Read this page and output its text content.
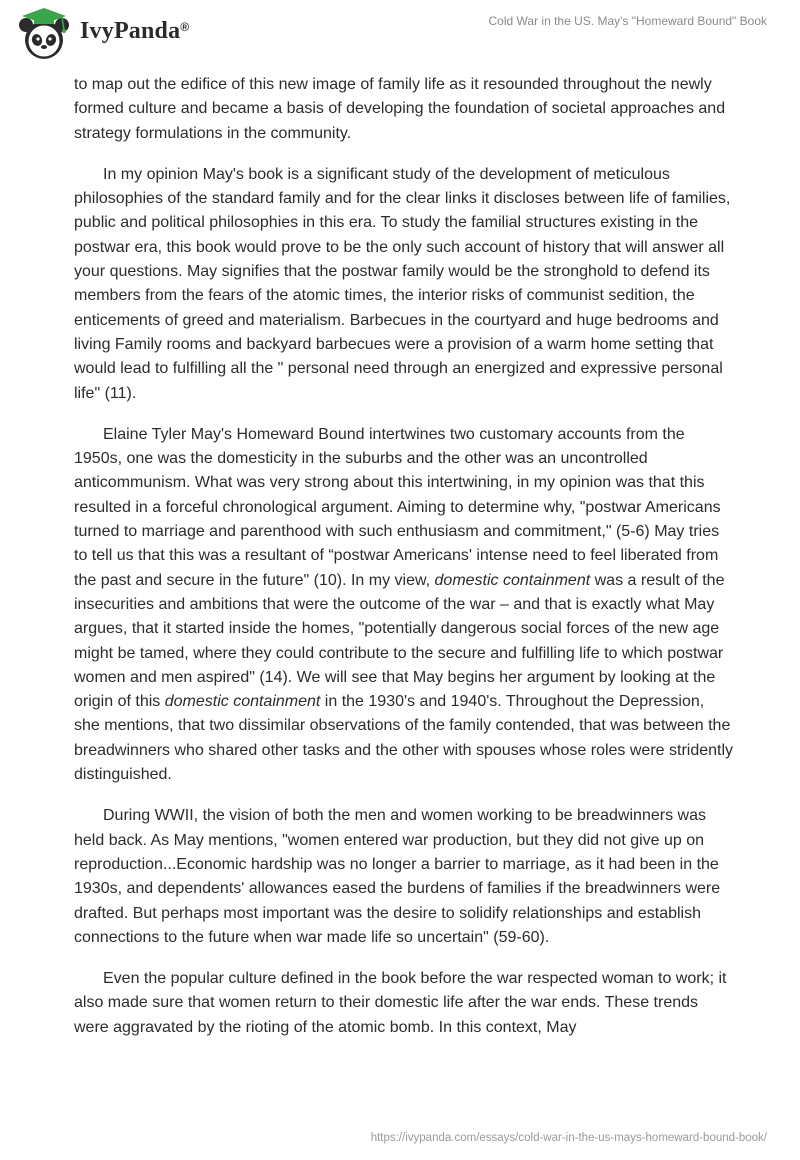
IvyPanda®	Cold War in the US. May's "Homeward Bound" Book

to map out the edifice of this new image of family life as it resounded throughout the newly formed culture and became a basis of developing the foundation of societal approaches and strategy formulations in the community.

In my opinion May's book is a significant study of the development of meticulous philosophies of the standard family and for the clear links it discloses between life of families, public and political philosophies in this era. To study the familial structures existing in the postwar era, this book would prove to be the only such account of history that will answer all your questions. May signifies that the postwar family would be the stronghold to defend its members from the fears of the atomic times, the interior risks of communist sedition, the enticements of greed and materialism. Barbecues in the courtyard and huge bedrooms and living Family rooms and backyard barbecues were a provision of a warm home setting that would lead to fulfilling all the " personal need through an energized and expressive personal life" (11).

Elaine Tyler May's Homeward Bound intertwines two customary accounts from the 1950s, one was the domesticity in the suburbs and the other was an uncontrolled anticommunism. What was very strong about this intertwining, in my opinion was that this resulted in a forceful chronological argument. Aiming to determine why, "postwar Americans turned to marriage and parenthood with such enthusiasm and commitment," (5-6) May tries to tell us that this was a resultant of “postwar Americans' intense need to feel liberated from the past and secure in the future" (10). In my view, domestic containment was a result of the insecurities and ambitions that were the outcome of the war – and that is exactly what May argues, that it started inside the homes, "potentially dangerous social forces of the new age might be tamed, where they could contribute to the secure and fulfilling life to which postwar women and men aspired" (14). We will see that May begins her argument by looking at the origin of this domestic containment in the 1930's and 1940's. Throughout the Depression, she mentions, that two dissimilar observations of the family contended, that was between the breadwinners who shared other tasks and the other with spouses whose roles were stridently distinguished.

During WWII, the vision of both the men and women working to be breadwinners was held back. As May mentions, "women entered war production, but they did not give up on reproduction...Economic hardship was no longer a barrier to marriage, as it had been in the 1930s, and dependents' allowances eased the burdens of families if the breadwinners were drafted. But perhaps most important was the desire to solidify relationships and establish connections to the future when war made life so uncertain" (59-60).

Even the popular culture defined in the book before the war respected woman to work; it also made sure that women return to their domestic life after the war ends. These trends were aggravated by the rioting of the atomic bomb. In this context, May

https://ivypanda.com/essays/cold-war-in-the-us-mays-homeward-bound-book/
